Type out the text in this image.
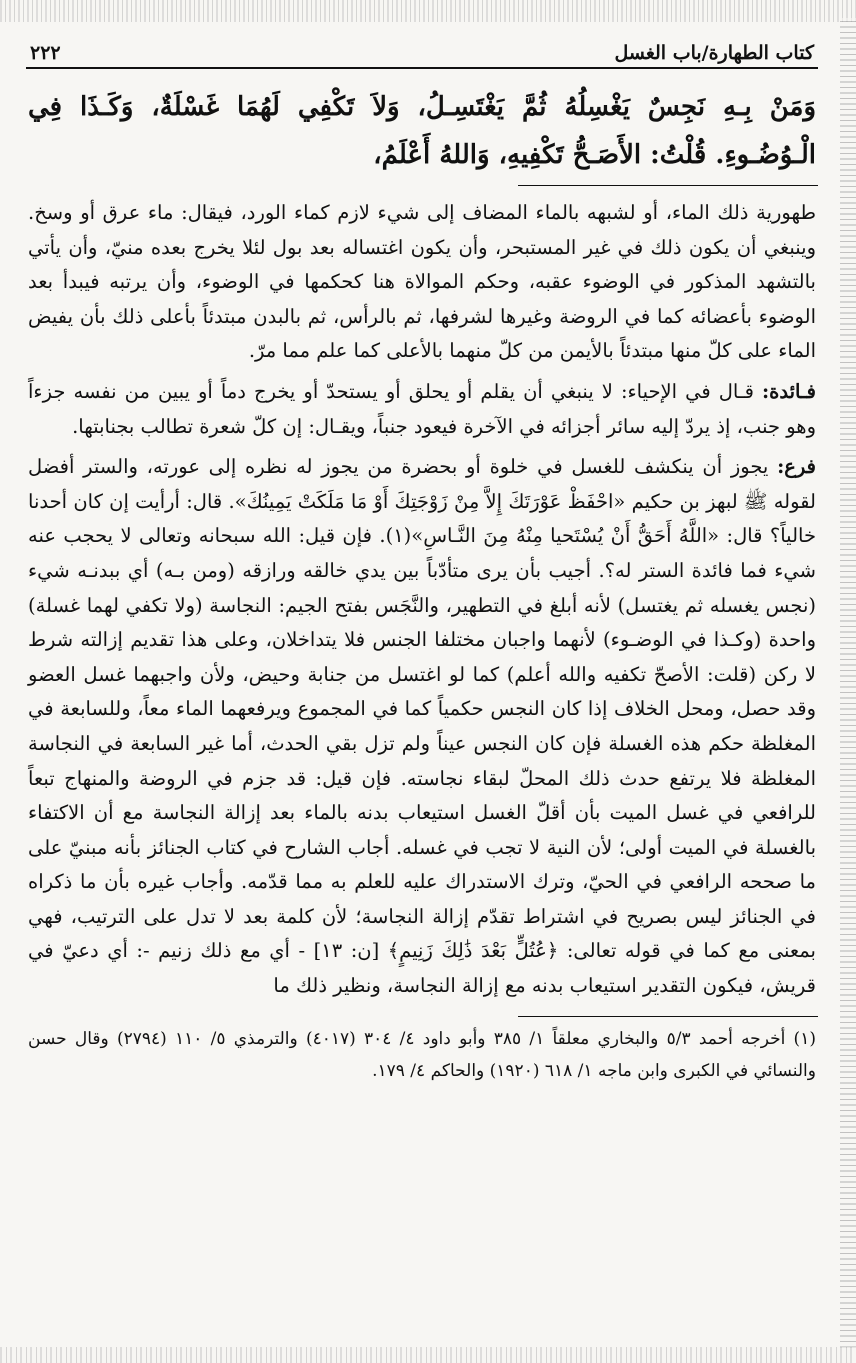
كتاب الطهارة/باب الغسل
٢٢٢
وَمَنْ بِـهِ نَجِسٌ يَغْسِلُهُ ثُمَّ يَغْتَسِـلُ، وَلاَ تَكْفِي لَهُمَا غَسْلَةٌ، وَكَـذَا فِي الْـوُضُـوءِ. قُلْتُ: الأَصَـحُّ تَكْفِيهِ، وَاللهُ أَعْلَمُ،

طهورية ذلك الماء، أو لشبهه بالماء المضاف إلى شيء لازم كماء الورد، فيقال: ماء عرق أو وسخ. وينبغي أن يكون ذلك في غير المستبحر، وأن يكون اغتساله بعد بول لئلا يخرج بعده منيّ، وأن يأتي بالتشهد المذكور في الوضوء عقبه، وحكم الموالاة هنا كحكمها في الوضوء، وأن يرتبه فيبدأ بعد الوضوء بأعضائه كما في الروضة وغيرها لشرفها، ثم بالرأس، ثم بالبدن مبتدئاً بأعلى ذلك بأن يفيض الماء على كلّ منها مبتدئاً بالأيمن من كلّ منهما بالأعلى كما علم مما مرّ.

فـائدة: قـال في الإحياء: لا ينبغي أن يقلم أو يحلق أو يستحدّ أو يخرج دماً أو يبين من نفسه جزءاً وهو جنب، إذ يردّ إليه سائر أجزائه في الآخرة فيعود جنباً، ويقـال: إن كلّ شعرة تطالب بجنابتها.

فرع: يجوز أن ينكشف للغسل في خلوة أو بحضرة من يجوز له نظره إلى عورته، والستر أفضل لقوله ﷺ لبهز بن حكيم «احْفَظْ عَوْرَتَكَ إِلاَّ مِنْ زَوْجَتِكَ أَوْ مَا مَلَكَتْ يَمِينُكَ». قال: أرأيت إن كان أحدنا خالياً؟ قال: «اللَّهُ أَحَقُّ أَنْ يُسْتَحيا مِنْهُ مِنَ النَّـاسِ»(١). فإن قيل: الله سبحانه وتعالى لا يحجب عنه شيء فما فائدة الستر له؟. أجيب بأن يرى متأدّباً بين يدي خالقه ورازقه (ومن بـه) أي ببدنـه شيء (نجس يغسله ثم يغتسل) لأنه أبلغ في التطهير، والنَّجَس بفتح الجيم: النجاسة (ولا تكفي لهما غسلة) واحدة (وكـذا في الوضـوء) لأنهما واجبان مختلفا الجنس فلا يتداخلان، وعلى هذا تقديم إزالته شرط لا ركن (قلت: الأصحّ تكفيه والله أعلم) كما لو اغتسل من جنابة وحيض، ولأن واجبهما غسل العضو وقد حصل، ومحل الخلاف إذا كان النجس حكمياً كما في المجموع ويرفعهما الماء معاً، وللسابعة في المغلظة حكم هذه الغسلة فإن كان النجس عيناً ولم تزل بقي الحدث، أما غير السابعة في النجاسة المغلظة فلا يرتفع حدث ذلك المحلّ لبقاء نجاسته. فإن قيل: قد جزم في الروضة والمنهاج تبعاً للرافعي في غسل الميت بأن أقلّ الغسل استيعاب بدنه بالماء بعد إزالة النجاسة مع أن الاكتفاء بالغسلة في الميت أولى؛ لأن النية لا تجب في غسله. أجاب الشارح في كتاب الجنائز بأنه مبنيّ على ما صححه الرافعي في الحيّ، وترك الاستدراك عليه للعلم به مما قدّمه. وأجاب غيره بأن ما ذكراه في الجنائز ليس بصريح في اشتراط تقدّم إزالة النجاسة؛ لأن كلمة بعد لا تدل على الترتيب، فهي بمعنى مع كما في قوله تعالى: ﴿عُتُلٍّ بَعْدَ ذَٰلِكَ زَنِيمٍ﴾ [ن: ١٣] - أي مع ذلك زنيم -: أي دعيّ في قريش، فيكون التقدير استيعاب بدنه مع إزالة النجاسة، ونظير ذلك ما

(١) أخرجه أحمد ٥/٣ والبخاري معلقاً ١/ ٣٨٥ وأبو داود ٤/ ٣٠٤ (٤٠١٧) والترمذي ٥/ ١١٠ (٢٧٩٤) وقال حسن والنسائي في الكبرى وابن ماجه ١/ ٦١٨ (١٩٢٠) والحاكم ٤/ ١٧٩.
